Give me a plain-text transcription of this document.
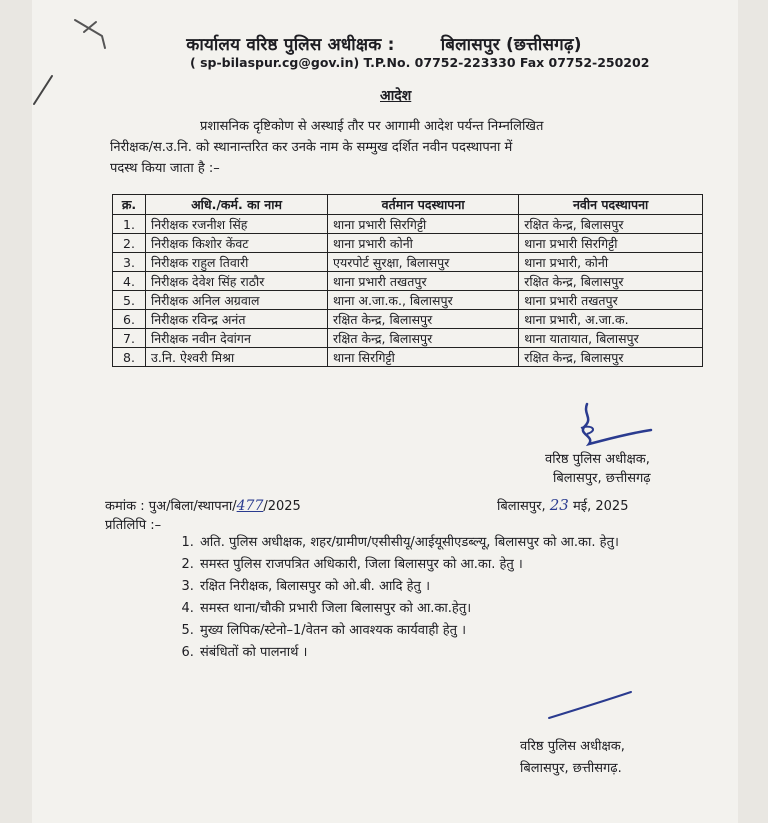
कार्यालय वरिष्ठ पुलिस अधीक्षक :	बिलासपुर (छत्तीसगढ़)
( sp-bilaspur.cg@gov.in) T.P.No. 07752-223330 Fax 07752-250202
आदेश
प्रशासनिक दृष्टिकोण से अस्थाई तौर पर आगामी आदेश पर्यन्त निम्नलिखित
निरीक्षक/स.उ.नि. को स्थानान्तरित कर उनके नाम के सम्मुख दर्शित नवीन पदस्थापना में
पदस्थ किया जाता है :–
क्र.	अधि./कर्म. का नाम	वर्तमान पदस्थापना	नवीन पदस्थापना
1.	निरीक्षक रजनीश सिंह	थाना प्रभारी सिरगिट्टी	रक्षित केन्द्र, बिलासपुर
2.	निरीक्षक किशोर केंवट	थाना प्रभारी कोनी	थाना प्रभारी सिरगिट्टी
3.	निरीक्षक राहुल तिवारी	एयरपोर्ट सुरक्षा, बिलासपुर	थाना प्रभारी, कोनी
4.	निरीक्षक देवेश सिंह राठौर	थाना प्रभारी तखतपुर	रक्षित केन्द्र, बिलासपुर
5.	निरीक्षक अनिल अग्रवाल	थाना अ.जा.क., बिलासपुर	थाना प्रभारी तखतपुर
6.	निरीक्षक रविन्द्र अनंत	रक्षित केन्द्र, बिलासपुर	थाना प्रभारी, अ.जा.क.
7.	निरीक्षक नवीन देवांगन	रक्षित केन्द्र, बिलासपुर	थाना यातायात, बिलासपुर
8.	उ.नि. ऐश्वरी मिश्रा	थाना सिरगिट्टी	रक्षित केन्द्र, बिलासपुर
वरिष्ठ पुलिस अधीक्षक,
बिलासपुर, छत्तीसगढ़
कमांक : पुअ/बिला/स्थापना/477/2025	बिलासपुर, 23 मई, 2025
प्रतिलिपि :–
1. अति. पुलिस अधीक्षक, शहर/ग्रामीण/एसीसीयू/आईयूसीएडब्ल्यू, बिलासपुर को आ.का. हेतु।
2. समस्त पुलिस राजपत्रित अधिकारी, जिला बिलासपुर को आ.का. हेतु ।
3. रक्षित निरीक्षक, बिलासपुर को ओ.बी. आदि हेतु ।
4. समस्त थाना/चौकी प्रभारी जिला बिलासपुर को आ.का.हेतु।
5. मुख्य लिपिक/स्टेनो–1/वेतन को आवश्यक कार्यवाही हेतु ।
6. संबंधितों को पालनार्थ ।
वरिष्ठ पुलिस अधीक्षक,
बिलासपुर, छत्तीसगढ़.
